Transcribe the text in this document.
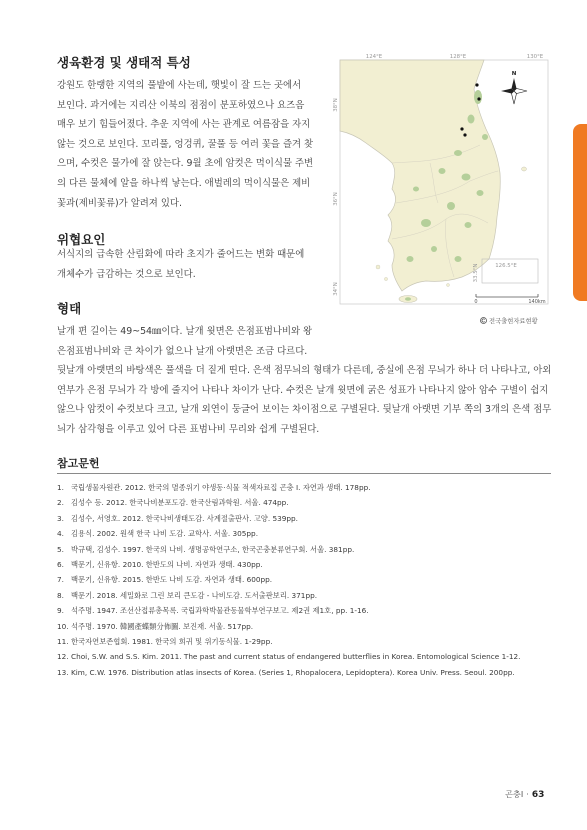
생육환경 및 생태적 특성

강원도 한랭한 지역의 풀밭에 사는데, 햇빛이 잘 드는 곳에서
보인다. 과거에는 지리산 이북의 점점이 분포하였으나 요즈음
매우 보기 힘들어졌다. 추운 지역에 사는 관계로 여름잠을 자지
않는 것으로 보인다. 꼬리풀, 엉겅퀴, 꿀풀 등 여러 꽃을 즐겨 찾
으며, 수컷은 물가에 잘 앉는다. 9월 초에 암컷은 먹이식물 주변
의 다른 물체에 알을 하나씩 낳는다. 애벌레의 먹이식물은 제비
꽃과(제비꽃류)가 알려져 있다.

위협요인

서식지의 급속한 산림화에 따라 초지가 줄어드는 변화 때문에
개체수가 급감하는 것으로 보인다.

형태

날개 편 길이는 49~54㎜이다. 날개 윗면은 은점표범나비와 왕
은점표범나비와 큰 차이가 없으나 날개 아랫면은 조금 다르다.
뒷날개 아랫면의 바탕색은 풀색을 더 짙게 띤다. 은색 점무늬의 형태가 다른데, 중실에 은점 무늬가 하나 더 나타나고, 아외
연부가 은점 무늬가 각 방에 줄지어 나타나 차이가 난다. 수컷은 날개 윗면에 굵은 성표가 나타나지 않아 암수 구별이 쉽지
않으나 암컷이 수컷보다 크고, 날개 외연이 둥글어 보이는 차이점으로 구별된다. 뒷날개 아랫면 기부 쪽의 3개의 은색 점무
늬가 삼각형을 이루고 있어 다른 표범나비 무리와 쉽게 구별된다.

124°E	128°E	130°E
38°N
36°N
34°N
N
126.5°E
33.5°N
0	140km
전국출현자료현황
참고문헌
1. 국립생물자원관. 2012. 한국의 멸종위기 야생동·식물 적색자료집 곤충 I. 자연과 생태. 178pp.
2. 김성수 등. 2012. 한국나비분포도감. 한국산림과학원. 서울. 474pp.
3. 김성수, 서영호. 2012. 한국나비생태도감. 사계절출판사. 고양. 539pp.
4. 김용식. 2002. 원색 한국 나비 도감. 교학사. 서울. 305pp.
5. 박규택, 김성수. 1997. 한국의 나비. 생명공학연구소, 한국곤충분류연구회. 서울. 381pp.
6. 백문기, 신유항. 2010. 한반도의 나비. 자연과 생태. 430pp.
7. 백문기, 신유항. 2015. 한반도 나비 도감. 자연과 생태. 600pp.
8. 백문기. 2018. 세밀화로 그린 보리 큰도감 - 나비도감. 도서출판보리. 371pp.
9. 석주명. 1947. 조선산접류총목록. 국립과학박물관동물학부연구보고. 제2권 제1호, pp. 1-16.
10. 석주명. 1970. 韓國產蝶類分佈圖. 보진재. 서울. 517pp.
11. 한국자연보존협회. 1981. 한국의 희귀 및 위기동식물. 1-29pp.
12. Choi, S.W. and S.S. Kim. 2011. The past and current status of endangered butterflies in Korea. Entomological Science 1-12.
13. Kim, C.W. 1976. Distribution atlas insects of Korea. (Series 1, Rhopalocera, Lepidoptera). Korea Univ. Press. Seoul. 200pp.
곤충Ⅰ · 63
